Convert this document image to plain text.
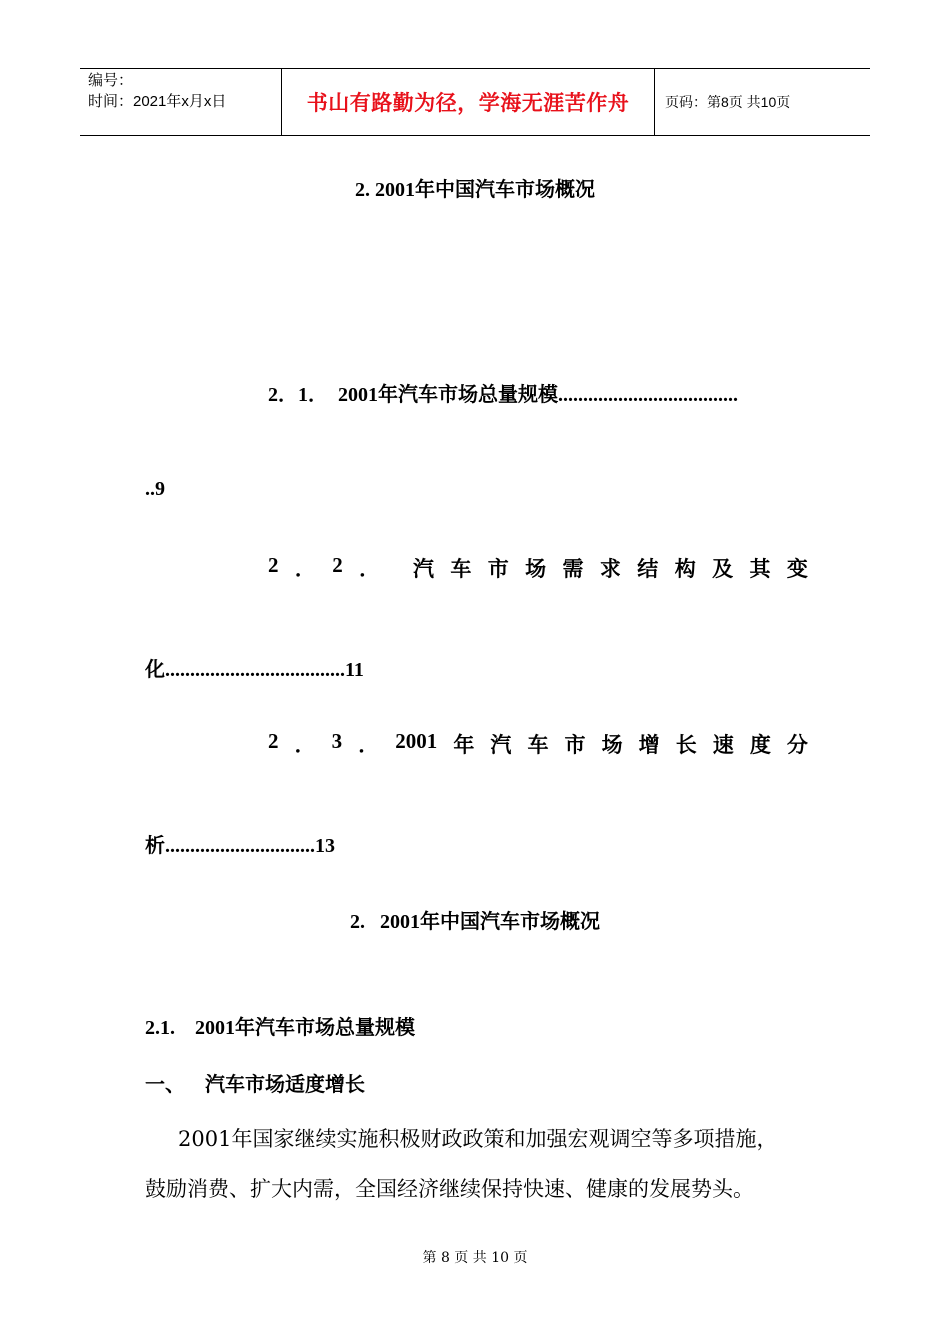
编号：
时间：2021年x月x日	书山有路勤为径，学海无涯苦作舟	页码：第8页 共10页
2. 2001年中国汽车市场概况
2．1． 2001年汽车市场总量规模....................................
..9
2 ． 2 ． 汽 车 市 场 需 求 结 构 及 其 变
化....................................11
2 ． 3 ． 2001 年 汽 车 市 场 增 长 速 度 分
析..............................13
2.   2001年中国汽车市场概况
2.1.    2001年汽车市场总量规模
一、    汽车市场适度增长
2001年国家继续实施积极财政政策和加强宏观调空等多项措施，
鼓励消费、扩大内需，全国经济继续保持快速、健康的发展势头。
第 8 页 共 10 页
